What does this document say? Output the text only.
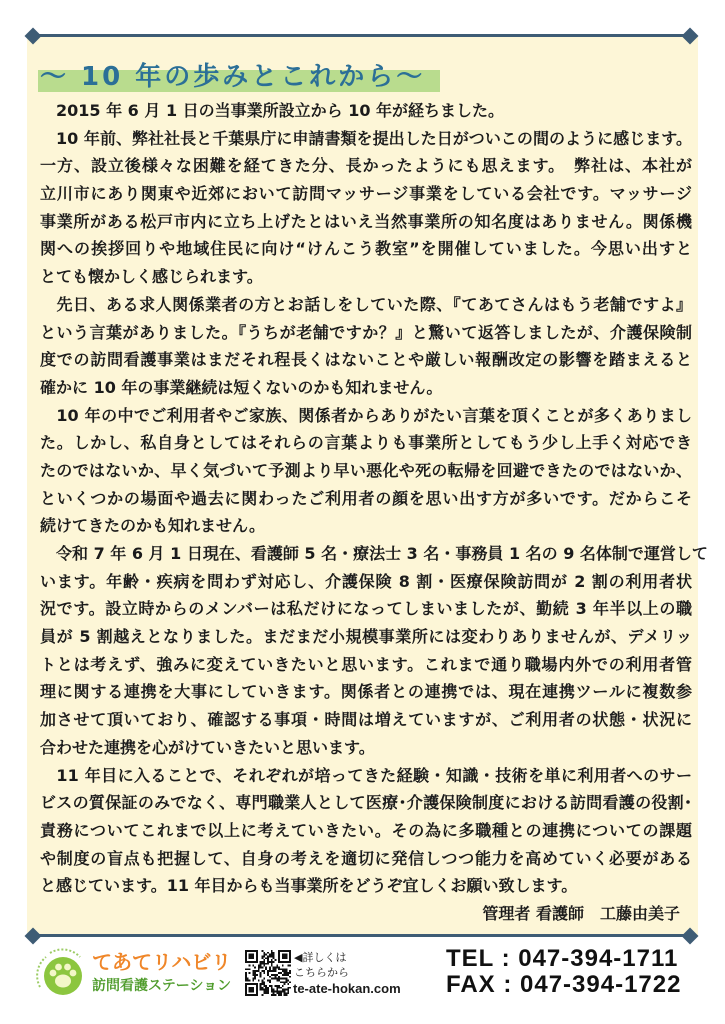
～ 10 年の歩みとこれから～
　2015 年 6 月 1 日の当事業所設立から 10 年が経ちました。
　10 年前、弊社社長と千葉県庁に申請書類を提出した日がついこの間のように感じます。
一方、設立後様々な困難を経てきた分、長かったようにも思えます。　弊社は、本社が
立川市にあり関東や近郊において訪問マッサージ事業をしている会社です。マッサージ
事業所がある松戸市内に立ち上げたとはいえ当然事業所の知名度はありません。関係機
関への挨拶回りや地域住民に向け“けんこう教室”を開催していました。今思い出すと
とても懐かしく感じられます。
　先日、ある求人関係業者の方とお話しをしていた際、『てあてさんはもう老舗ですよ』
という言葉がありました。『うちが老舗ですか？』と驚いて返答しましたが、介護保険制
度での訪問看護事業はまだそれ程長くはないことや厳しい報酬改定の影響を踏まえると
確かに 10 年の事業継続は短くないのかも知れません。
　10 年の中でご利用者やご家族、関係者からありがたい言葉を頂くことが多くありまし
た。しかし、私自身としてはそれらの言葉よりも事業所としてもう少し上手く対応でき
たのではないか、早く気づいて予測より早い悪化や死の転帰を回避できたのではないか、
といくつかの場面や過去に関わったご利用者の顔を思い出す方が多いです。だからこそ
続けてきたのかも知れません。
　令和 7 年 6 月 1 日現在、看護師 5 名・療法士 3 名・事務員 1 名の 9 名体制で運営して
います。年齢・疾病を問わず対応し、介護保険 8 割・医療保険訪問が 2 割の利用者状
況です。設立時からのメンバーは私だけになってしまいましたが、勤続 3 年半以上の職
員が 5 割越えとなりました。まだまだ小規模事業所には変わりありませんが、デメリッ
トとは考えず、強みに変えていきたいと思います。これまで通り職場内外での利用者管
理に関する連携を大事にしていきます。関係者との連携では、現在連携ツールに複数参
加させて頂いており、確認する事項・時間は増えていますが、ご利用者の状態・状況に
合わせた連携を心がけていきたいと思います。
　11 年目に入ることで、それぞれが培ってきた経験・知識・技術を単に利用者へのサー
ビスの質保証のみでなく、専門職業人として医療･介護保険制度における訪問看護の役割･
責務についてこれまで以上に考えていきたい。その為に多職種との連携についての課題
や制度の盲点も把握して、自身の考えを適切に発信しつつ能力を高めていく必要がある
と感じています。11 年目からも当事業所をどうぞ宜しくお願い致します。
管理者 看護師　工藤由美子
てあてリハビリ
訪問看護ステーション
◀詳しくは
こちらから
te-ate-hokan.com
TEL : 047-394-1711
FAX : 047-394-1722
